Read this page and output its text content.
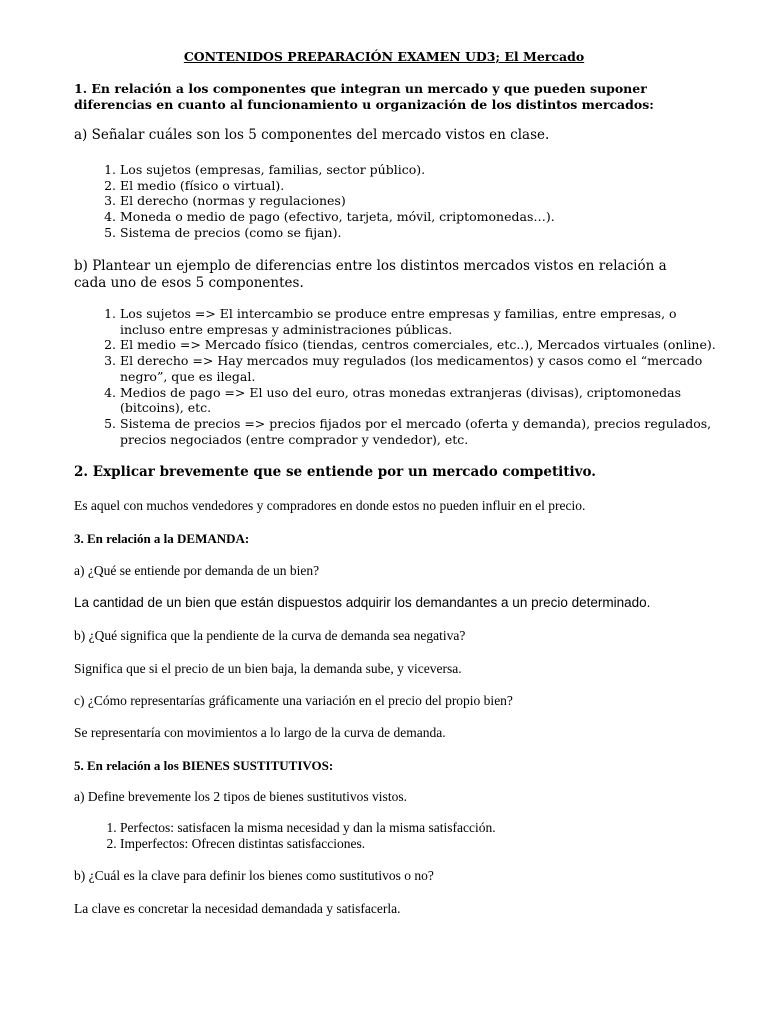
CONTENIDOS PREPARACIÓN EXAMEN UD3; El Mercado
1. En relación a los componentes que integran un mercado y que pueden suponer diferencias en cuanto al funcionamiento u organización de los distintos mercados:
a) Señalar cuáles son los 5 componentes del mercado vistos en clase.
1. Los sujetos (empresas, familias, sector público).
2. El medio (físico o virtual).
3. El derecho (normas y regulaciones)
4. Moneda o medio de pago (efectivo, tarjeta, móvil, criptomonedas…).
5. Sistema de precios (como se fijan).
b) Plantear un ejemplo de diferencias entre los distintos mercados vistos en relación a cada uno de esos 5 componentes.
1. Los sujetos => El intercambio se produce entre empresas y familias, entre empresas, o incluso entre empresas y administraciones públicas.
2. El medio => Mercado físico (tiendas, centros comerciales, etc..), Mercados virtuales (online).
3. El derecho => Hay mercados muy regulados (los medicamentos) y casos como el “mercado negro”, que es ilegal.
4. Medios de pago => El uso del euro, otras monedas extranjeras (divisas), criptomonedas (bitcoins), etc.
5. Sistema de precios => precios fijados por el mercado (oferta y demanda), precios regulados, precios negociados (entre comprador y vendedor), etc.
2. Explicar brevemente que se entiende por un mercado competitivo.
Es aquel con muchos vendedores y compradores en donde estos no pueden influir en el precio.
3. En relación a la DEMANDA:
a) ¿Qué se entiende por demanda de un bien?
La cantidad de un bien que están dispuestos adquirir los demandantes a un precio determinado.
b) ¿Qué significa que la pendiente de la curva de demanda sea negativa?
Significa que si el precio de un bien baja, la demanda sube, y viceversa.
c) ¿Cómo representarías gráficamente una variación en el precio del propio bien?
Se representaría con movimientos a lo largo de la curva de demanda.
5. En relación a los BIENES SUSTITUTIVOS:
a) Define brevemente los 2 tipos de bienes sustitutivos vistos.
1. Perfectos: satisfacen la misma necesidad y dan la misma satisfacción.
2. Imperfectos: Ofrecen distintas satisfacciones.
b) ¿Cuál es la clave para definir los bienes como sustitutivos o no?
La clave es concretar la necesidad demandada y satisfacerla.
